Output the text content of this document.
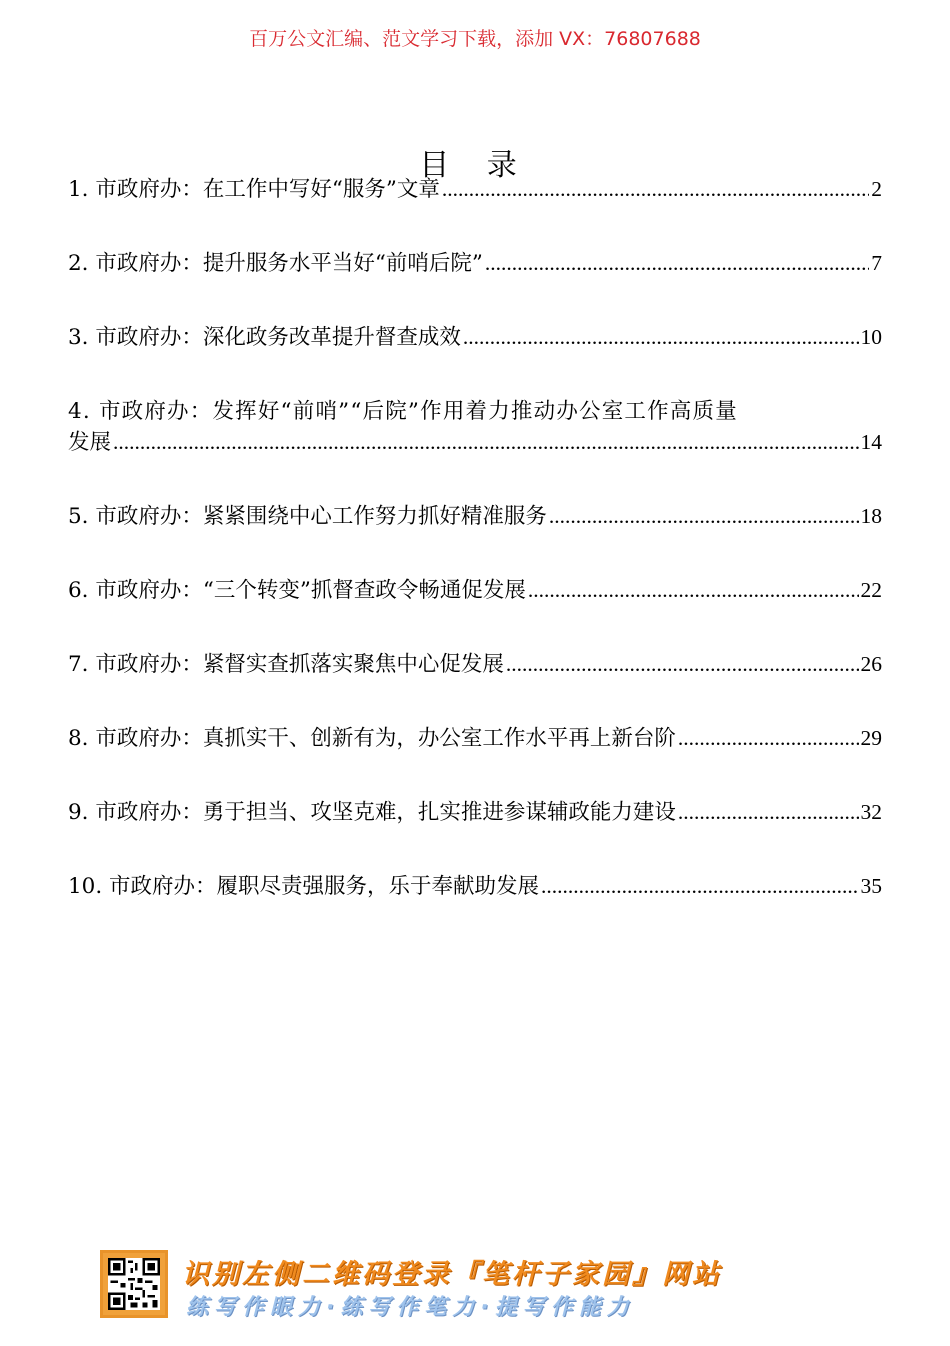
百万公文汇编、范文学习下载，添加 VX：76807688
目 录
1. 市政府办：在工作中写好“服务”文章 .....	2
2. 市政府办：提升服务水平当好“前哨后院” .....	7
3. 市政府办：深化政务改革提升督查成效 .....	10
4. 市政府办：发挥好“前哨”“后院”作用着力推动办公室工作高质量
发展 .....	14
5. 市政府办：紧紧围绕中心工作努力抓好精准服务 .....	18
6. 市政府办：“三个转变”抓督查政令畅通促发展 .....	22
7. 市政府办：紧督实查抓落实聚焦中心促发展 .....	26
8. 市政府办：真抓实干、创新有为，办公室工作水平再上新台阶 .....	29
9. 市政府办：勇于担当、攻坚克难，扎实推进参谋辅政能力建设 .....	32
10. 市政府办：履职尽责强服务，乐于奉献助发展 .....	35
识别左侧二维码登录『笔杆子家园』网站
练写作眼力·练写作笔力·提写作能力
